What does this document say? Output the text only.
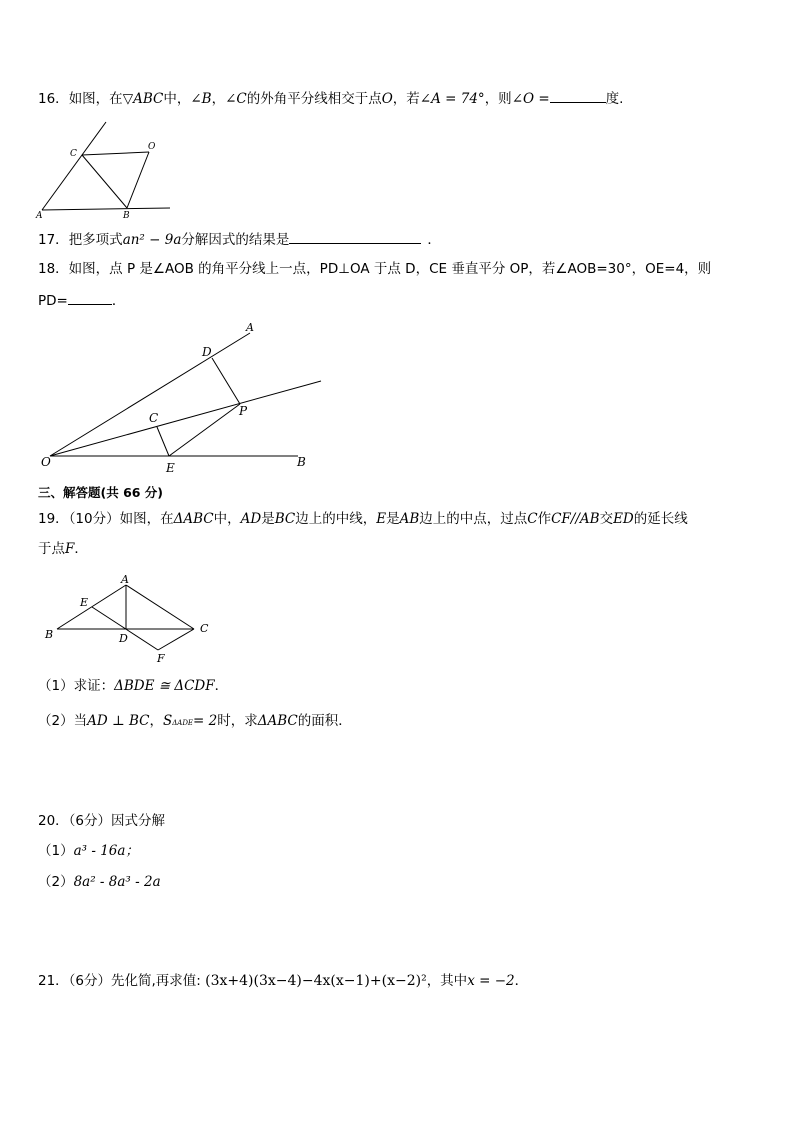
16．如图，在▽ABC中，∠B，∠C的外角平分线相交于点O，若∠A = 74°，则∠O =	度.
A	B
C
O
17．把多项式an² − 9a分解因式的结果是	．
18．如图，点 P 是∠AOB 的角平分线上一点，PD⊥OA 于点 D，CE 垂直平分 OP，若∠AOB=30°，OE=4，则
PD=	．
A
D
P
C
O	E	B
三、解答题(共 66 分)
19．（10分）如图，在ΔABC中，AD是BC边上的中线，E是AB边上的中点，过点C作CF//AB交ED的延长线
于点F．
A
E
B	D
C
F
（1）求证：ΔBDE ≅ ΔCDF．
（2）当AD ⊥ BC，SΔADE= 2时，求ΔABC的面积．
20．（6分）因式分解
（1）a³ - 16a；
（2）8a² - 8a³ - 2a
21．（6分）先化简,再求值: (3x+4)(3x−4)−4x(x−1)+(x−2)²，其中x = −2．
